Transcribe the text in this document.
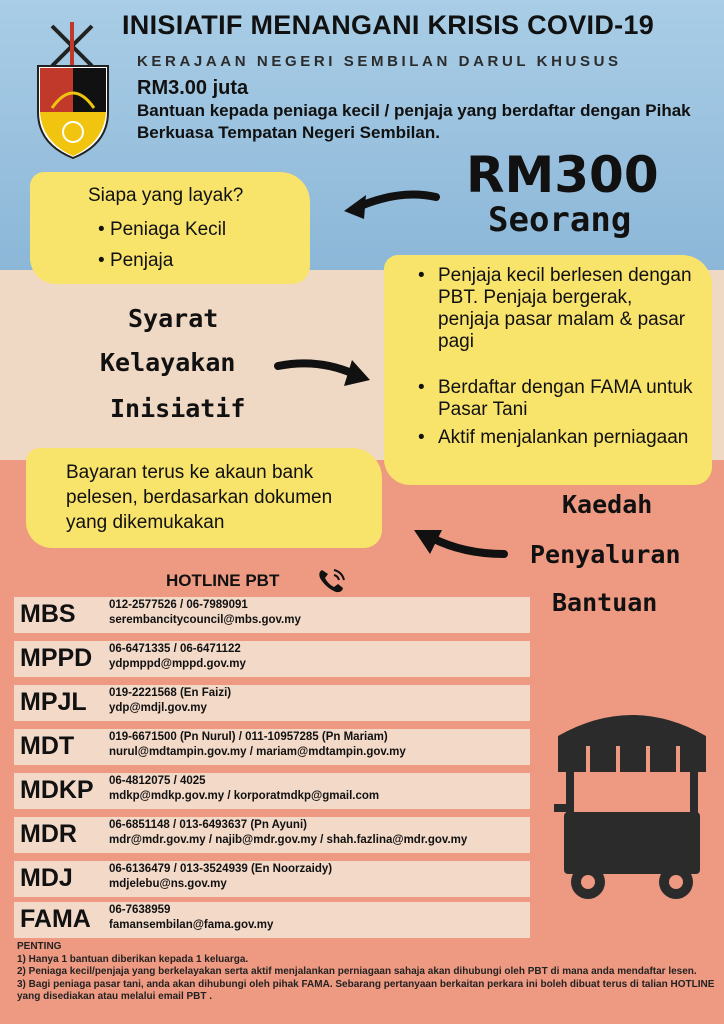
INISIATIF MENANGANI KRISIS COVID-19
KERAJAAN NEGERI SEMBILAN DARUL KHUSUS
RM3.00 juta
Bantuan kepada peniaga kecil / penjaja yang berdaftar dengan Pihak Berkuasa Tempatan Negeri Sembilan.
RM300
Seorang
Siapa yang layak?
• Peniaga Kecil
• Penjaja
Syarat
Kelayakan
Inisiatif
• Penjaja kecil berlesen dengan PBT. Penjaja bergerak, penjaja pasar malam & pasar pagi
• Berdaftar dengan FAMA untuk Pasar Tani
• Aktif menjalankan perniagaan
Bayaran terus ke akaun bank pelesen, berdasarkan dokumen yang dikemukakan
Kaedah
Penyaluran
Bantuan
HOTLINE PBT
MBS	012-2577526 / 06-7989091
serembancitycouncil@mbs.gov.my
MPPD 06-6471335 / 06-6471122
ydpmppd@mppd.gov.my
MPJL 019-2221568 (En Faizi)
ydp@mdjl.gov.my
MDT	019-6671500 (Pn Nurul) / 011-10957285 (Pn Mariam)
nurul@mdtampin.gov.my / mariam@mdtampin.gov.my
MDKP 06-4812075 / 4025
mdkp@mdkp.gov.my / korporatmdkp@gmail.com
MDR	06-6851148 / 013-6493637 (Pn Ayuni)
mdr@mdr.gov.my / najib@mdr.gov.my / shah.fazlina@mdr.gov.my
MDJ	06-6136479 / 013-3524939 (En Noorzaidy)
mdjelebu@ns.gov.my
FAMA 06-7638959
famansembilan@fama.gov.my

PENTING

1) Hanya 1 bantuan diberikan kepada 1 keluarga.

2) Peniaga kecil/penjaja yang berkelayakan serta aktif menjalankan perniagaan sahaja akan dihubungi oleh PBT di mana anda mendaftar lesen.

3) Bagi peniaga pasar tani, anda akan dihubungi oleh pihak FAMA. Sebarang pertanyaan berkaitan perkara ini boleh dibuat terus di talian HOTLINE yang disediakan atau melalui email PBT .
